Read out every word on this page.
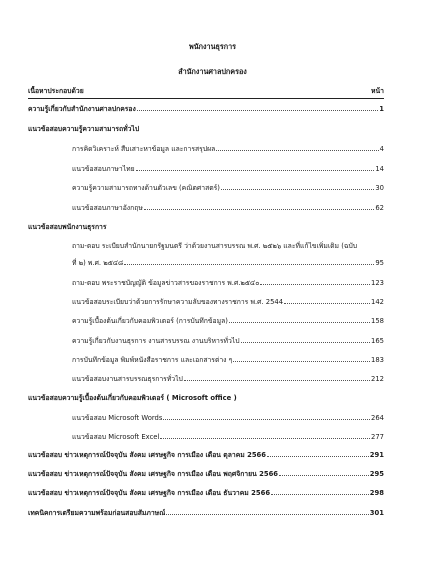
พนักงานธุรการ
สำนักงานศาลปกครอง
เนื้อหาประกอบด้วย	หน้า
ความรู้เกี่ยวกับสำนักงานศาลปกครอง	1
แนวข้อสอบความรู้ความสามารถทั่วไป
การคิดวิเคราะห์ สืบเสาะหาข้อมูล และการสรุปผล	4
แนวข้อสอบภาษาไทย	14
ความรู้ความสามารถทางด้านตัวเลข (คณิตศาสตร์)	30
แนวข้อสอบภาษาอังกฤษ	62
แนวข้อสอบพนักงานธุรการ
ถาม-ตอบ ระเบียบสำนักนายกรัฐมนตรี ว่าด้วยงานสารบรรณ พ.ศ. ๒๕๒๖ และที่แก้ไขเพิ่มเติม (ฉบับ
ที่ ๒) พ.ศ. ๒๕๔๘	95
ถาม-ตอบ พระราชบัญญัติ ข้อมูลข่าวสารของราชการ พ.ศ.๒๕๔๐	123
แนวข้อสอบระเบียบว่าด้วยการรักษาความลับของทางราชการ พ.ศ. 2544	142
ความรู้เบื้องต้นเกี่ยวกับคอมพิวเตอร์ (การบันทึกข้อมูล)	158
ความรู้เกี่ยวกับงานธุรการ งานสารบรรณ งานบริหารทั่วไป	165
การบันทึกข้อมูล พิมพ์หนังสือราชการ และเอกสารต่าง ๆ	183
แนวข้อสอบงานสารบรรณธุรการทั่วไป	212
แนวข้อสอบความรู้เบื้องต้นเกี่ยวกับคอมพิวเตอร์ ( Microsoft office )
แนวข้อสอบ Microsoft Words	264
แนวข้อสอบ Microsoft Excel	277
แนวข้อสอบ ข่าวเหตุการณ์ปัจจุบัน สังคม เศรษฐกิจ การเมือง เดือน ตุลาคม 2566	291
แนวข้อสอบ ข่าวเหตุการณ์ปัจจุบัน สังคม เศรษฐกิจ การเมือง เดือน พฤศจิกายน 2566	295
แนวข้อสอบ ข่าวเหตุการณ์ปัจจุบัน สังคม เศรษฐกิจ การเมือง เดือน ธันวาคม 2566	298
เทคนิคการเตรียมความพร้อมก่อนสอบสัมภาษณ์	301
